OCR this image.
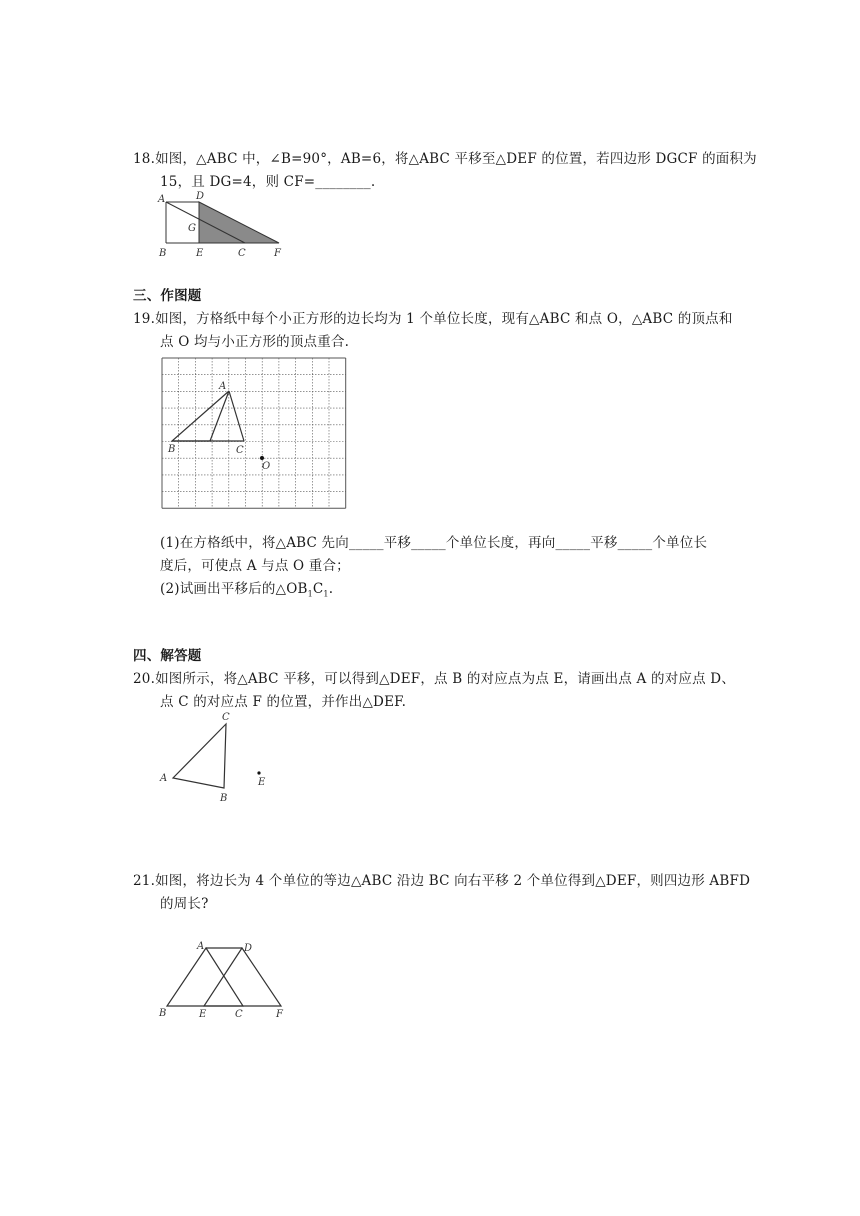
18.如图，△ABC 中，∠B=90°，AB=6，将△ABC 平移至△DEF 的位置，若四边形 DGCF 的面积为
15，且 DG=4，则 CF=________.
A	D
G
B	E	C	F
三、作图题
19.如图，方格纸中每个小正方形的边长均为 1 个单位长度，现有△ABC 和点 O，△ABC 的顶点和
点 O 均与小正方形的顶点重合.
A
B	C
O
(1)在方格纸中，将△ABC 先向_____平移_____个单位长度，再向_____平移_____个单位长
度后，可使点 A 与点 O 重合；
(2)试画出平移后的$\triangle OB_1C_1$.
四、解答题
20.如图所示，将△ABC 平移，可以得到△DEF，点 B 的对应点为点 E，请画出点 A 的对应点 D、
点 C 的对应点 F 的位置，并作出△DEF.
C
A
B
E
21.如图，将边长为 4 个单位的等边△ABC 沿边 BC 向右平移 2 个单位得到△DEF，则四边形 ABFD
的周长?
A	D
B	E	C	F
